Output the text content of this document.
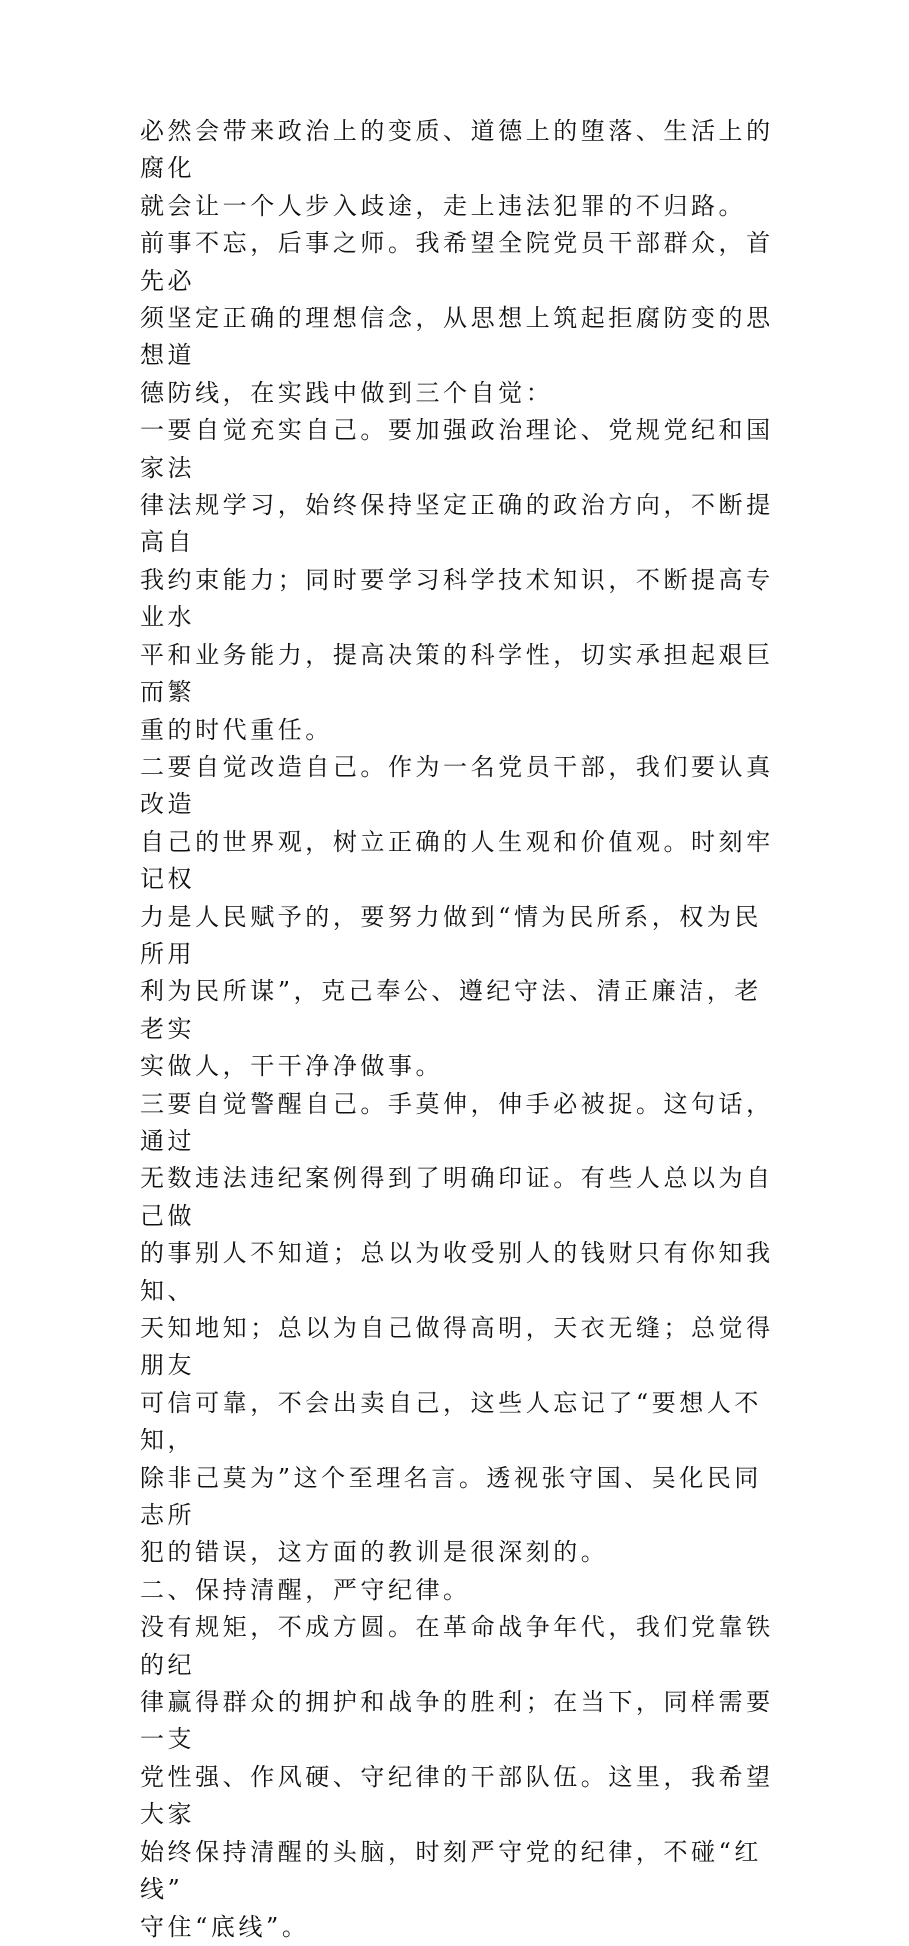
必然会带来政治上的变质、道德上的堕落、生活上的腐化
就会让一个人步入歧途，走上违法犯罪的不归路。

前事不忘，后事之师。我希望全院党员干部群众，首先必
须坚定正确的理想信念，从思想上筑起拒腐防变的思想道
德防线，在实践中做到三个自觉：

一要自觉充实自己。要加强政治理论、党规党纪和国家法
律法规学习，始终保持坚定正确的政治方向，不断提高自
我约束能力；同时要学习科学技术知识，不断提高专业水
平和业务能力，提高决策的科学性，切实承担起艰巨而繁
重的时代重任。

二要自觉改造自己。作为一名党员干部，我们要认真改造
自己的世界观，树立正确的人生观和价值观。时刻牢记权
力是人民赋予的，要努力做到“情为民所系，权为民所用
利为民所谋”，克己奉公、遵纪守法、清正廉洁，老老实
实做人，干干净净做事。

三要自觉警醒自己。手莫伸，伸手必被捉。这句话，通过
无数违法违纪案例得到了明确印证。有些人总以为自己做
的事别人不知道；总以为收受别人的钱财只有你知我知、
天知地知；总以为自己做得高明，天衣无缝；总觉得朋友
可信可靠，不会出卖自己，这些人忘记了“要想人不知，
除非己莫为”这个至理名言。透视张守国、吴化民同志所
犯的错误，这方面的教训是很深刻的。

二、保持清醒，严守纪律。

没有规矩，不成方圆。在革命战争年代，我们党靠铁的纪
律赢得群众的拥护和战争的胜利；在当下，同样需要一支
党性强、作风硬、守纪律的干部队伍。这里，我希望大家
始终保持清醒的头脑，时刻严守党的纪律，不碰“红线”
守住“底线”。
